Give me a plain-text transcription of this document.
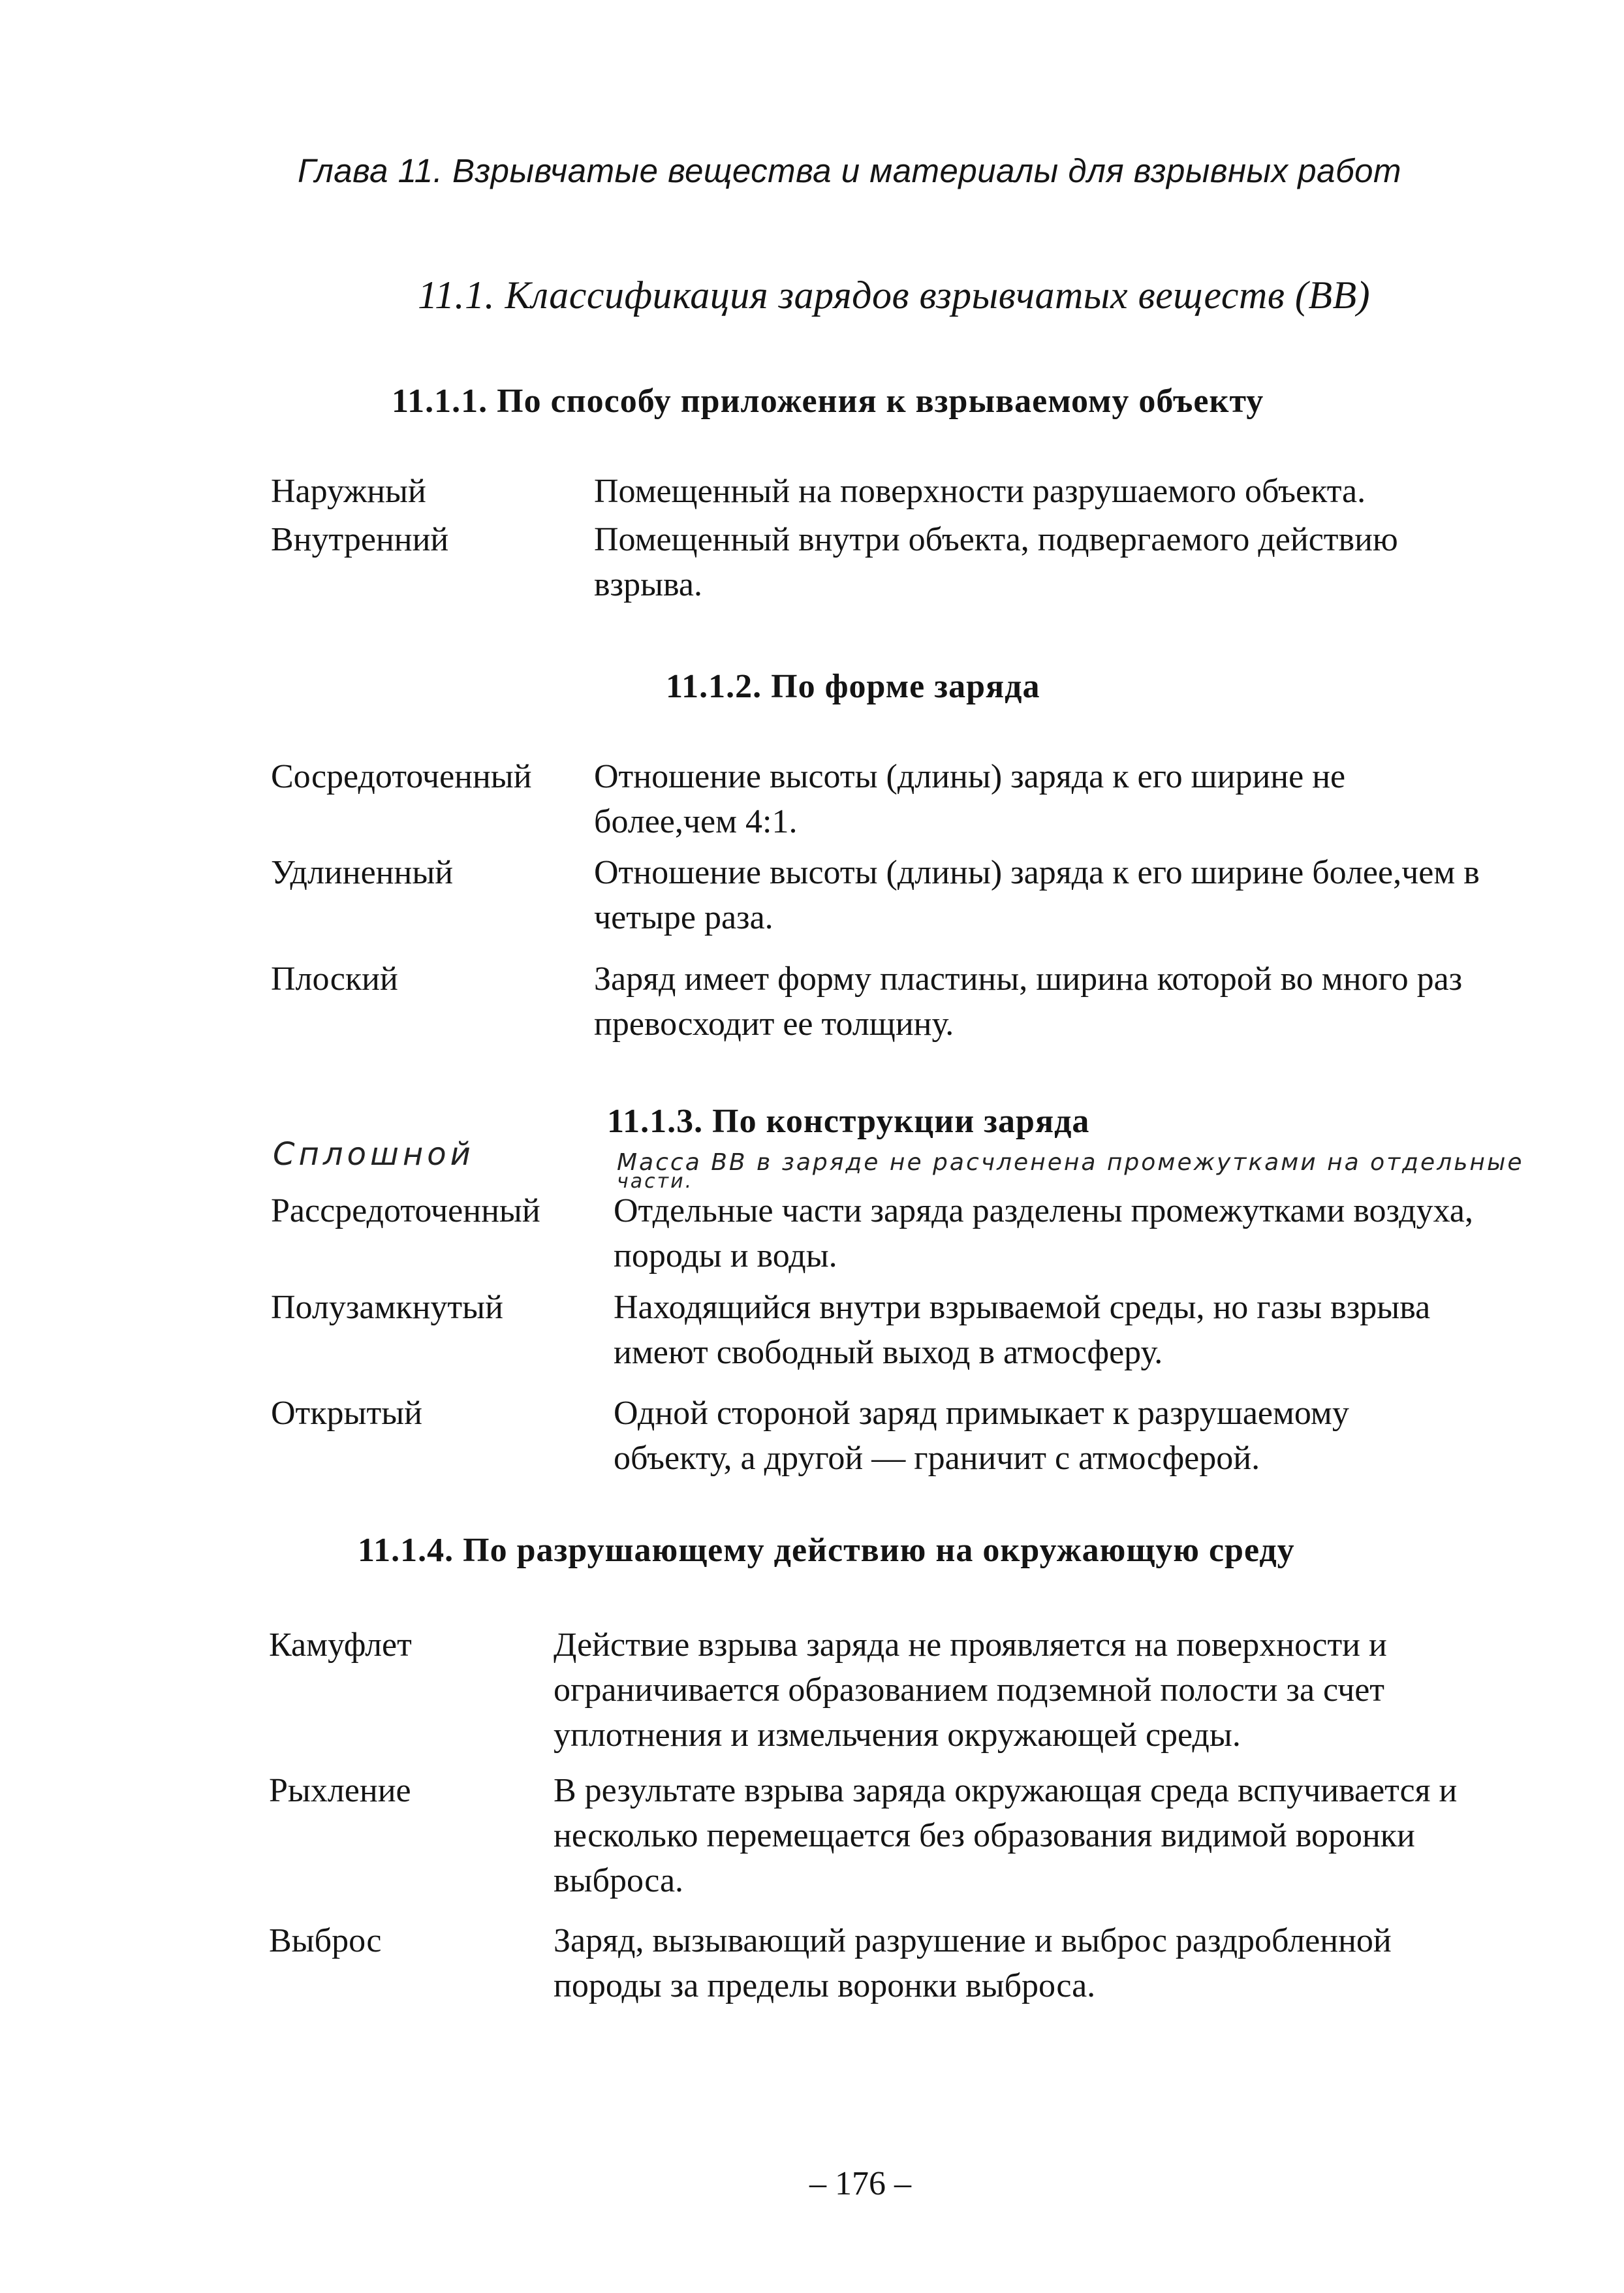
Глава 11. Взрывчатые вещества и материалы для взрывных работ
11.1. Классификация зарядов взрывчатых веществ (ВВ)
11.1.1. По способу приложения к взрываемому объекту
Наружный	Помещенный на поверхности разрушаемого объекта.
Внутренний	Помещенный внутри объекта, подвергаемого действию взрыва.
11.1.2. По форме заряда
Сосредоточенный	Отношение высоты (длины) заряда к его ширине не более,чем 4:1.
Удлиненный	Отношение высоты (длины) заряда к его ширине более,чем в четыре раза.
Плоский	Заряд имеет форму пластины, ширина которой во много раз превосходит ее толщину.
11.1.3. По конструкции заряда
Сплошной	Масса ВВ в заряде не расчленена промежутками на отдельные
части.
Рассредоточенный Отдельные части заряда разделены промежутками воздуха, породы и воды.
Полузамкнутый	Находящийся внутри взрываемой среды, но газы взрыва имеют свободный выход в атмосферу.
Открытый	Одной стороной заряд примыкает к разрушаемому объекту, а другой — граничит с атмосферой.
11.1.4. По разрушающему действию на окружающую среду
Камуфлет	Действие взрыва заряда не проявляется на поверхности и ограничивается образованием подземной полости за счет уплотнения и измельчения окружающей среды.
Рыхление	В результате взрыва заряда окружающая среда вспучивается и несколько перемещается без образования видимой воронки выброса.
Выброс	Заряд, вызывающий разрушение и выброс раздробленной породы за пределы воронки выброса.
– 176 –
